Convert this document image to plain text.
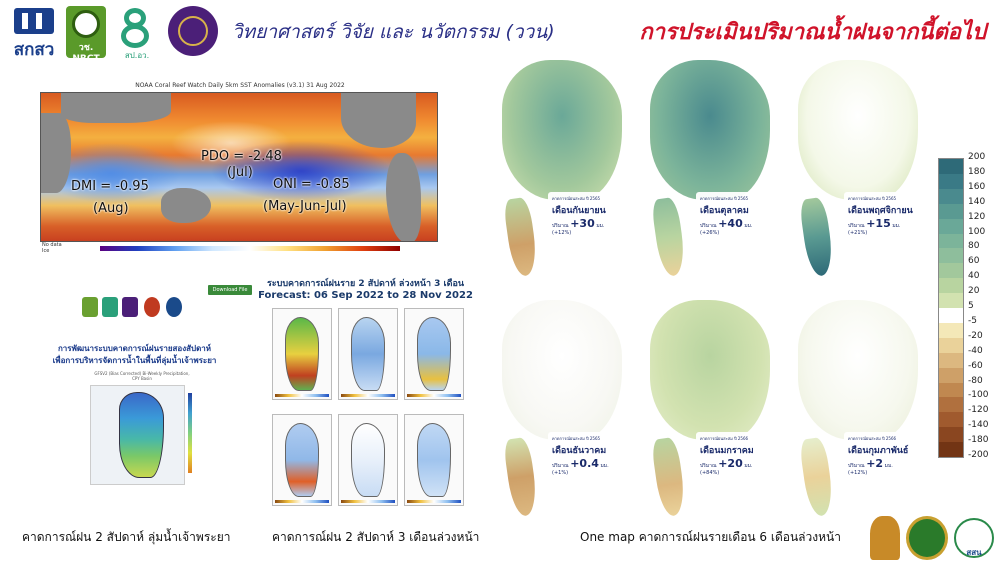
สกสว	วช. NRCT	สป.อว.
วิทยาศาสตร์ วิจัย และ นวัตกรรม (ววน)	การประเมินปริมาณน้ำฝนจากนี้ต่อไป
NOAA Coral Reef Watch Daily 5km SST Anomalies (v3.1) 31 Aug 2022
PDO = -2.48
(Jul)
DMI = -0.95
(Aug)
ONI = -0.85
(May-Jun-Jul)
No data
Ice
Download File
การพัฒนาระบบคาดการณ์ฝนรายสองสัปดาห์
เพื่อการบริหารจัดการน้ำในพื้นที่ลุ่มน้ำเจ้าพระยา
GFSV2 (Bias Corrected) Bi-Weekly Precipitation, CPY Basin
ระบบคาดการณ์ฝนราย 2 สัปดาห์ ล่วงหน้า 3 เดือน
Forecast: 06 Sep 2022 to 28 Nov 2022
คาดการณ์ฝนสะสม ปี 2565
เดือนกันยายน
ปริมาณ +30 มม.
(+12%)
คาดการณ์ฝนสะสม ปี 2565
เดือนตุลาคม
ปริมาณ +40 มม.
(+26%)
คาดการณ์ฝนสะสม ปี 2565
เดือนพฤศจิกายน
ปริมาณ +15 มม.
(+21%)
คาดการณ์ฝนสะสม ปี 2565
เดือนธันวาคม
ปริมาณ +0.4 มม.
(+1%)
คาดการณ์ฝนสะสม ปี 2566
เดือนมกราคม
ปริมาณ +20 มม.
(+84%)
คาดการณ์ฝนสะสม ปี 2566
เดือนกุมภาพันธ์
ปริมาณ +2 มม.
(+12%)
200
180
160
140
120
100
80
60
40
20
5
-5
-20
-40
-60
-80
-100
-120
-140
-180
-200
คาดการณ์ฝน 2 สัปดาห์ ลุ่มน้ำเจ้าพระยา	คาดการณ์ฝน 2 สัปดาห์ 3 เดือนล่วงหน้า	One map คาดการณ์ฝนรายเดือน 6 เดือนล่วงหน้า
สสน
